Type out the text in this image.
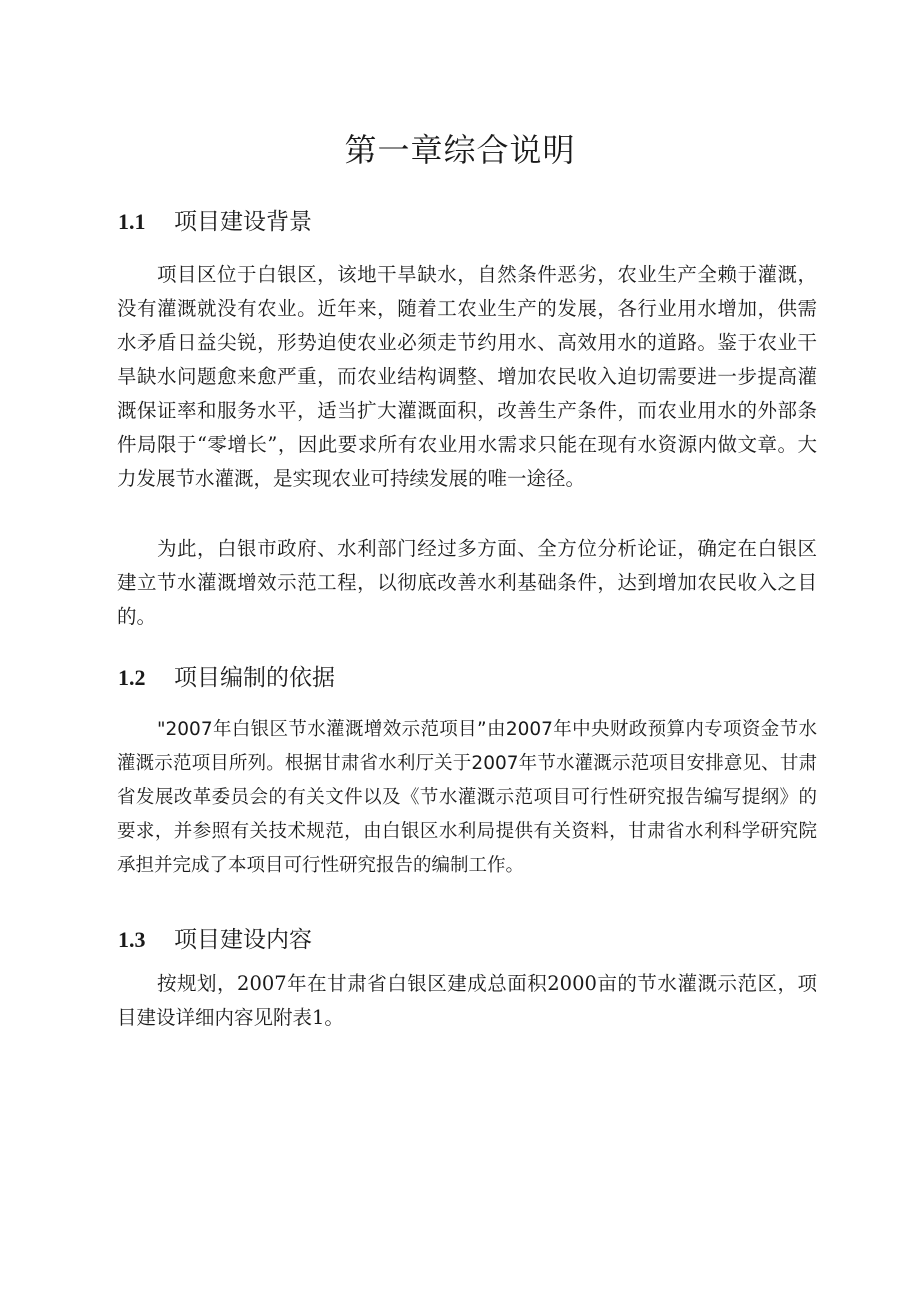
第一章综合说明
1.1 项目建设背景

项目区位于白银区，该地干旱缺水，自然条件恶劣，农业生产全赖于灌溉，没有灌溉就没有农业。近年来，随着工农业生产的发展，各行业用水增加，供需水矛盾日益尖锐，形势迫使农业必须走节约用水、高效用水的道路。鉴于农业干旱缺水问题愈来愈严重，而农业结构调整、增加农民收入迫切需要进一步提高灌溉保证率和服务水平，适当扩大灌溉面积，改善生产条件，而农业用水的外部条件局限于“零增长”，因此要求所有农业用水需求只能在现有水资源内做文章。大力发展节水灌溉，是实现农业可持续发展的唯一途径。

为此，白银市政府、水利部门经过多方面、全方位分析论证，确定在白银区建立节水灌溉增效示范工程，以彻底改善水利基础条件，达到增加农民收入之目的。

1.2 项目编制的依据

"2007年白银区节水灌溉增效示范项目”由2007年中央财政预算内专项资金节水灌溉示范项目所列。根据甘肃省水利厅关于2007年节水灌溉示范项目安排意见、甘肃省发展改革委员会的有关文件以及《节水灌溉示范项目可行性研究报告编写提纲》的要求，并参照有关技术规范，由白银区水利局提供有关资料，甘肃省水利科学研究院承担并完成了本项目可行性研究报告的编制工作。

1.3 项目建设内容

按规划，2007年在甘肃省白银区建成总面积2000亩的节水灌溉示范区，项目建设详细内容见附表1。
